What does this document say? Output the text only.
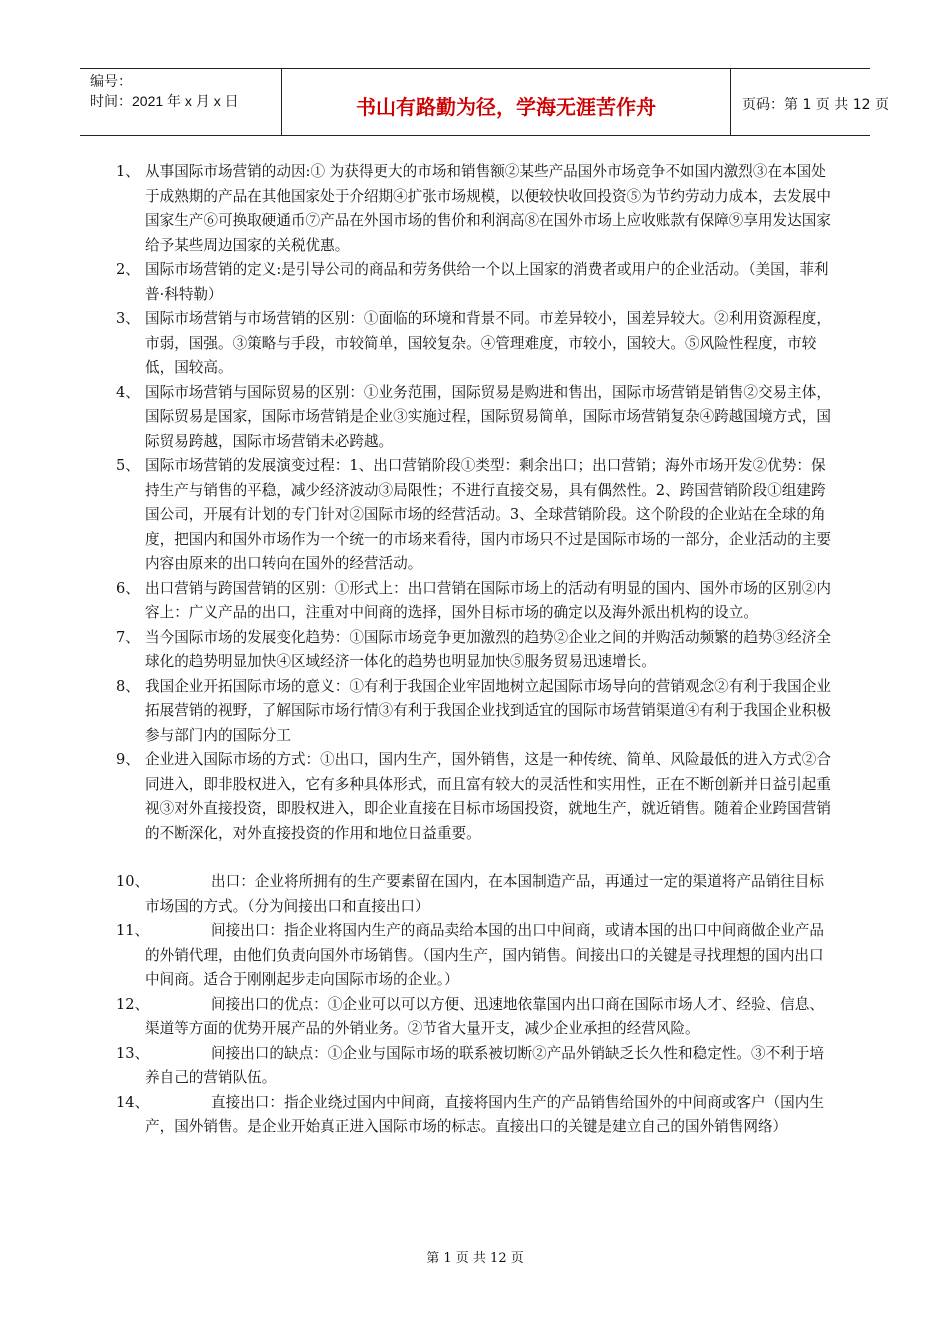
编号：
时间：2021 年 x 月 x 日	书山有路勤为径，学海无涯苦作舟	页码：第 1 页 共 12 页
1、 从事国际市场营销的动因:① 为获得更大的市场和销售额②某些产品国外市场竞争不如国内激烈③在本国处于成熟期的产品在其他国家处于介绍期④扩张市场规模，以便较快收回投资⑤为节约劳动力成本，去发展中国家生产⑥可换取硬通币⑦产品在外国市场的售价和利润高⑧在国外市场上应收账款有保障⑨享用发达国家给予某些周边国家的关税优惠。
2、 国际市场营销的定义:是引导公司的商品和劳务供给一个以上国家的消费者或用户的企业活动。（美国，菲利普·科特勒）
3、 国际市场营销与市场营销的区别：①面临的环境和背景不同。市差异较小，国差异较大。②利用资源程度，市弱，国强。③策略与手段，市较简单，国较复杂。④管理难度，市较小，国较大。⑤风险性程度，市较低，国较高。
4、 国际市场营销与国际贸易的区别：①业务范围，国际贸易是购进和售出，国际市场营销是销售②交易主体，国际贸易是国家，国际市场营销是企业③实施过程，国际贸易简单，国际市场营销复杂④跨越国境方式，国际贸易跨越，国际市场营销未必跨越。
5、 国际市场营销的发展演变过程：1、出口营销阶段①类型：剩余出口；出口营销；海外市场开发②优势：保持生产与销售的平稳，减少经济波动③局限性；不进行直接交易，具有偶然性。2、跨国营销阶段①组建跨国公司，开展有计划的专门针对②国际市场的经营活动。3、全球营销阶段。这个阶段的企业站在全球的角度，把国内和国外市场作为一个统一的市场来看待，国内市场只不过是国际市场的一部分，企业活动的主要内容由原来的出口转向在国外的经营活动。
6、 出口营销与跨国营销的区别：①形式上：出口营销在国际市场上的活动有明显的国内、国外市场的区别②内容上：广义产品的出口，注重对中间商的选择，国外目标市场的确定以及海外派出机构的设立。
7、 当今国际市场的发展变化趋势：①国际市场竞争更加激烈的趋势②企业之间的并购活动频繁的趋势③经济全球化的趋势明显加快④区域经济一体化的趋势也明显加快⑤服务贸易迅速增长。
8、 我国企业开拓国际市场的意义：①有利于我国企业牢固地树立起国际市场导向的营销观念②有利于我国企业拓展营销的视野，了解国际市场行情③有利于我国企业找到适宜的国际市场营销渠道④有利于我国企业积极参与部门内的国际分工
9、 企业进入国际市场的方式：①出口，国内生产，国外销售，这是一种传统、简单、风险最低的进入方式②合同进入，即非股权进入，它有多种具体形式，而且富有较大的灵活性和实用性，正在不断创新并日益引起重视③对外直接投资，即股权进入，即企业直接在目标市场国投资，就地生产，就近销售。随着企业跨国营销的不断深化，对外直接投资的作用和地位日益重要。
10、	出口：企业将所拥有的生产要素留在国内，在本国制造产品，再通过一定的渠道将产品销往目标市场国的方式。（分为间接出口和直接出口）
11、	间接出口：指企业将国内生产的商品卖给本国的出口中间商，或请本国的出口中间商做企业产品的外销代理，由他们负责向国外市场销售。（国内生产，国内销售。间接出口的关键是寻找理想的国内出口中间商。适合于刚刚起步走向国际市场的企业。）
12、	间接出口的优点：①企业可以可以方便、迅速地依靠国内出口商在国际市场人才、经验、信息、渠道等方面的优势开展产品的外销业务。②节省大量开支，减少企业承担的经营风险。
13、	间接出口的缺点：①企业与国际市场的联系被切断②产品外销缺乏长久性和稳定性。③不利于培养自己的营销队伍。
14、	直接出口：指企业绕过国内中间商，直接将国内生产的产品销售给国外的中间商或客户（国内生产，国外销售。是企业开始真正进入国际市场的标志。直接出口的关键是建立自己的国外销售网络）
第 1 页 共 12 页
